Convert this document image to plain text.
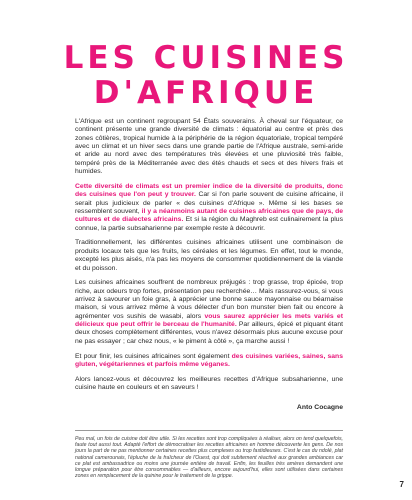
LES CUISINES
D'AFRIQUE

L'Afrique est un continent regroupant 54 États souverains. À cheval sur l'équateur, ce continent présente une grande diversité de climats : équatorial au centre et près des zones côtières, tropical humide à la périphérie de la région équatoriale, tropical tempéré avec un climat et un hiver secs dans une grande partie de l'Afrique australe, semi-aride et aride au nord avec des températures très élevées et une pluviosité très faible, tempéré près de la Méditerranée avec des étés chauds et secs et des hivers frais et humides.

Cette diversité de climats est un premier indice de la diversité de produits, donc des cuisines que l'on peut y trouver. Car si l'on parle souvent de cuisine africaine, il serait plus judicieux de parler « des cuisines d'Afrique ». Même si les bases se ressemblent souvent, il y a néanmoins autant de cuisines africaines que de pays, de cultures et de dialectes africains. Et si la région du Maghreb est culinairement la plus connue, la partie subsaharienne par exemple reste à découvrir.

Traditionnellement, les différentes cuisines africaines utilisent une combinaison de produits locaux tels que les fruits, les céréales et les légumes. En effet, tout le monde, excepté les plus aisés, n'a pas les moyens de consommer quotidiennement de la viande et du poisson.

Les cuisines africaines souffrent de nombreux préjugés : trop grasse, trop épicée, trop riche, aux odeurs trop fortes, présentation peu recherchée… Mais rassurez-vous, si vous arrivez à savourer un foie gras, à apprécier une bonne sauce mayonnaise ou béarnaise maison, si vous arrivez même à vous délecter d'un bon munster bien fait ou encore à agrémenter vos sushis de wasabi, alors vous saurez apprécier les mets variés et délicieux que peut offrir le berceau de l'humanité. Par ailleurs, épicé et piquant étant deux choses complètement différentes, vous n'avez désormais plus aucune excuse pour ne pas essayer ; car chez nous, « le piment à côté », ça marche aussi !

Et pour finir, les cuisines africaines sont également des cuisines variées, saines, sans gluten, végétariennes et parfois même véganes.

Alors lancez-vous et découvrez les meilleures recettes d'Afrique subsaharienne, une cuisine haute en couleurs et en saveurs !

Anto Cocagne

Peu mal, un fois de cuisine doit être utile. Si les recettes sont trop compliquées à réaliser, alors on tend quelquefois, faute tout aussi tout. Adapté l'effort de démocratiser les recettes africaines en homme découverte les gens. De nos jours la part de ne pas mentionner certaines recettes plus complexes ou trop fastidieuses. C'est le cas du ndolé, plat national camerounais, l'épluche de la fraîcheur de l'Ouest, qui doit subitement réactivé aux grandes ambiances car ce plat est ambassadrice ou moins une journée entière de travail. Enfin, les feuilles très amères demandent une longue préparation pour être consommables — d'ailleurs, encore aujourd'hui, elles sont utilisées dans certaines zones en remplacement de la quinine pour le traitement de la grippe.
7
